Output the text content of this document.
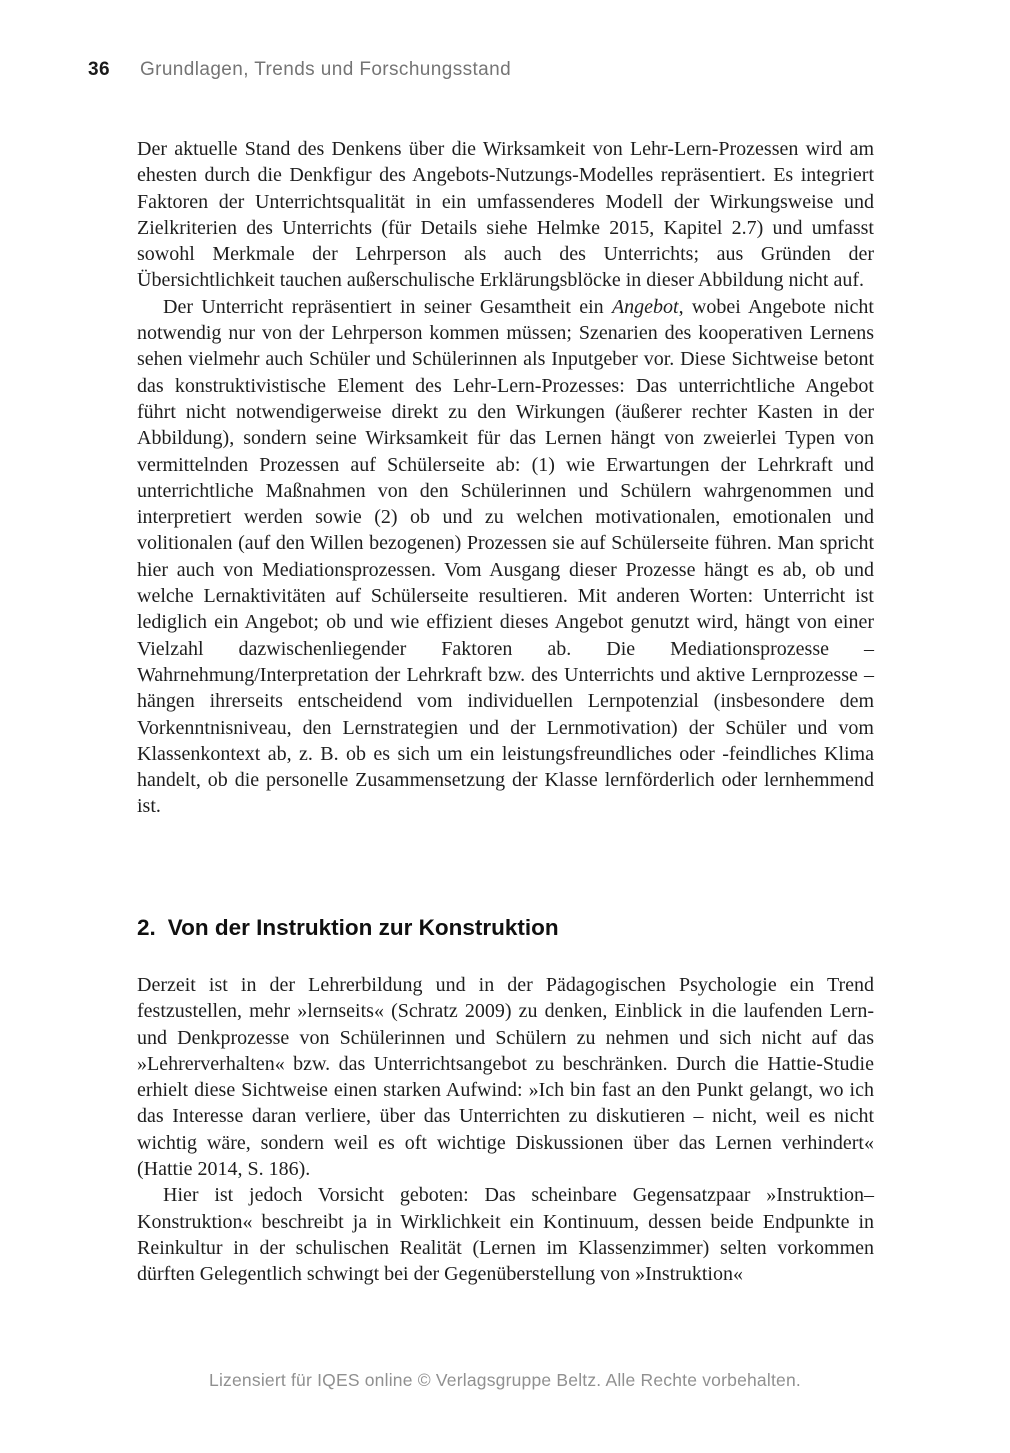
36 Grundlagen, Trends und Forschungsstand

Der aktuelle Stand des Denkens über die Wirksamkeit von Lehr-Lern-Prozessen wird am ehesten durch die Denkfigur des Angebots-Nutzungs-Modelles repräsentiert. Es integriert Faktoren der Unterrichtsqualität in ein umfassenderes Modell der Wirkungsweise und Zielkriterien des Unterrichts (für Details siehe Helmke 2015, Kapitel 2.7) und umfasst sowohl Merkmale der Lehrperson als auch des Unterrichts; aus Gründen der Übersichtlichkeit tauchen außerschulische Erklärungsblöcke in dieser Abbildung nicht auf.

Der Unterricht repräsentiert in seiner Gesamtheit ein Angebot, wobei Angebote nicht notwendig nur von der Lehrperson kommen müssen; Szenarien des kooperativen Lernens sehen vielmehr auch Schüler und Schülerinnen als Inputgeber vor. Diese Sichtweise betont das konstruktivistische Element des Lehr-Lern-Prozesses: Das unterrichtliche Angebot führt nicht notwendigerweise direkt zu den Wirkungen (äußerer rechter Kasten in der Abbildung), sondern seine Wirksamkeit für das Lernen hängt von zweierlei Typen von vermittelnden Prozessen auf Schülerseite ab: (1) wie Erwartungen der Lehrkraft und unterrichtliche Maßnahmen von den Schülerinnen und Schülern wahrgenommen und interpretiert werden sowie (2) ob und zu welchen motivationalen, emotionalen und volitionalen (auf den Willen bezogenen) Prozessen sie auf Schülerseite führen. Man spricht hier auch von Mediationsprozessen. Vom Ausgang dieser Prozesse hängt es ab, ob und welche Lernaktivitäten auf Schülerseite resultieren. Mit anderen Worten: Unterricht ist lediglich ein Angebot; ob und wie effizient dieses Angebot genutzt wird, hängt von einer Vielzahl dazwischenliegender Faktoren ab. Die Mediationsprozesse – Wahrnehmung/Interpretation der Lehrkraft bzw. des Unterrichts und aktive Lernprozesse – hängen ihrerseits entscheidend vom individuellen Lernpotenzial (insbesondere dem Vorkenntnisniveau, den Lernstrategien und der Lernmotivation) der Schüler und vom Klassenkontext ab, z. B. ob es sich um ein leistungsfreundliches oder -feindliches Klima handelt, ob die personelle Zusammensetzung der Klasse lernförderlich oder lernhemmend ist.

2. Von der Instruktion zur Konstruktion

Derzeit ist in der Lehrerbildung und in der Pädagogischen Psychologie ein Trend festzustellen, mehr »lernseits« (Schratz 2009) zu denken, Einblick in die laufenden Lern- und Denkprozesse von Schülerinnen und Schülern zu nehmen und sich nicht auf das »Lehrerverhalten« bzw. das Unterrichtsangebot zu beschränken. Durch die Hattie-Studie erhielt diese Sichtweise einen starken Aufwind: »Ich bin fast an den Punkt gelangt, wo ich das Interesse daran verliere, über das Unterrichten zu diskutieren – nicht, weil es nicht wichtig wäre, sondern weil es oft wichtige Diskussionen über das Lernen verhindert« (Hattie 2014, S. 186).

Hier ist jedoch Vorsicht geboten: Das scheinbare Gegensatzpaar »Instruktion–Konstruktion« beschreibt ja in Wirklichkeit ein Kontinuum, dessen beide Endpunkte in Reinkultur in der schulischen Realität (Lernen im Klassenzimmer) selten vorkommen dürften Gelegentlich schwingt bei der Gegenüberstellung von »Instruktion«

Lizensiert für IQES online © Verlagsgruppe Beltz. Alle Rechte vorbehalten.
